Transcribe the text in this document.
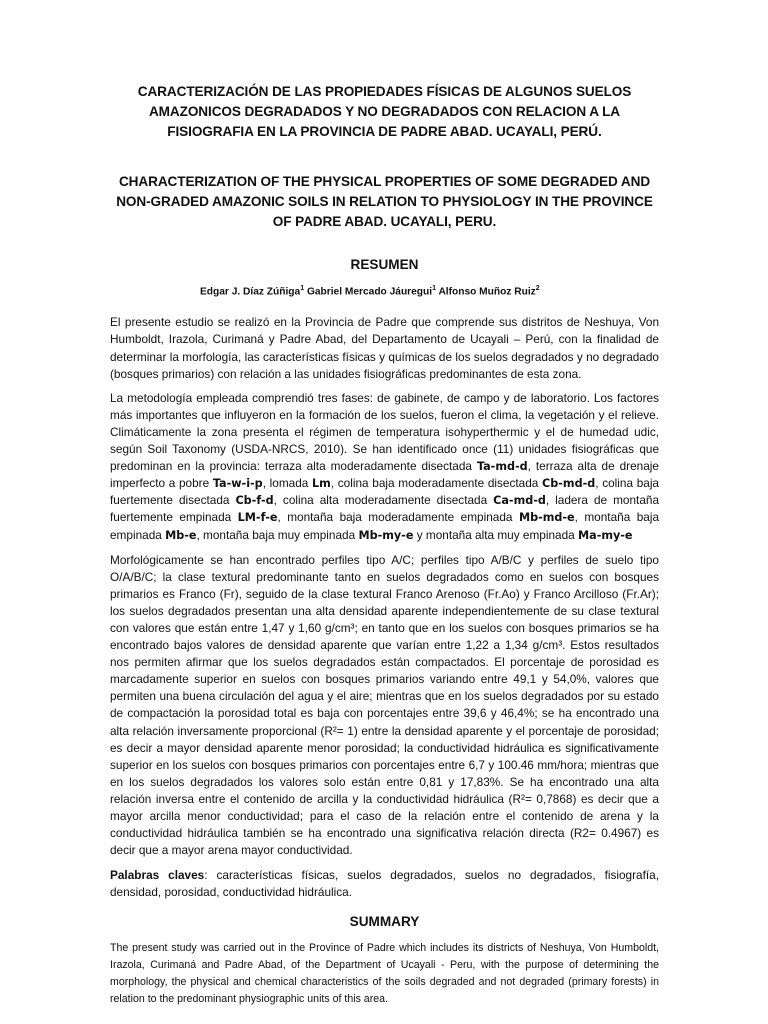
CARACTERIZACIÓN DE LAS PROPIEDADES FÍSICAS DE ALGUNOS SUELOS AMAZONICOS DEGRADADOS Y NO DEGRADADOS CON RELACION A LA FISIOGRAFIA EN LA PROVINCIA DE PADRE ABAD. UCAYALI, PERÚ.
CHARACTERIZATION OF THE PHYSICAL PROPERTIES OF SOME DEGRADED AND NON-GRADED AMAZONIC SOILS IN RELATION TO PHYSIOLOGY IN THE PROVINCE OF PADRE ABAD. UCAYALI, PERU.
RESUMEN

Edgar J. Díaz Zúñiga$^1$ Gabriel Mercado Jáuregui$^1$ Alfonso Muñoz Ruiz$^2$

El presente estudio se realizó en la Provincia de Padre que comprende sus distritos de Neshuya, Von Humboldt, Irazola, Curimaná y Padre Abad, del Departamento de Ucayali – Perú, con la finalidad de determinar la morfología, las características físicas y químicas de los suelos degradados y no degradado (bosques primarios) con relación a las unidades fisiográficas predominantes de esta zona.

La metodología empleada comprendió tres fases: de gabinete, de campo y de laboratorio. Los factores más importantes que influyeron en la formación de los suelos, fueron el clima, la vegetación y el relieve. Climáticamente la zona presenta el régimen de temperatura isohyperthermic y el de humedad udic, según Soil Taxonomy (USDA-NRCS, 2010). Se han identificado once (11) unidades fisiográficas que predominan en la provincia: terraza alta moderadamente disectada Ta-md-d, terraza alta de drenaje imperfecto a pobre Ta-w-i-p, lomada Lm, colina baja moderadamente disectada Cb-md-d, colina baja fuertemente disectada Cb-f-d, colina alta moderadamente disectada Ca-md-d, ladera de montaña fuertemente empinada LM-f-e, montaña baja moderadamente empinada Mb-md-e, montaña baja empinada Mb-e, montaña baja muy empinada Mb-my-e y montaña alta muy empinada Ma-my-e

Morfológicamente se han encontrado perfiles tipo A/C; perfiles tipo A/B/C y perfiles de suelo tipo O/A/B/C; la clase textural predominante tanto en suelos degradados como en suelos con bosques primarios es Franco (Fr), seguido de la clase textural Franco Arenoso (Fr.Ao) y Franco Arcilloso (Fr.Ar); los suelos degradados presentan una alta densidad aparente independientemente de su clase textural con valores que están entre 1,47 y 1,60 g/cm³; en tanto que en los suelos con bosques primarios se ha encontrado bajos valores de densidad aparente que varían entre 1,22 a 1,34 g/cm³. Estos resultados nos permiten afirmar que los suelos degradados están compactados. El porcentaje de porosidad es marcadamente superior en suelos con bosques primarios variando entre 49,1 y 54,0%, valores que permiten una buena circulación del agua y el aire; mientras que en los suelos degradados por su estado de compactación la porosidad total es baja con porcentajes entre 39,6 y 46,4%; se ha encontrado una alta relación inversamente proporcional (R²= 1) entre la densidad aparente y el porcentaje de porosidad; es decir a mayor densidad aparente menor porosidad; la conductividad hidráulica es significativamente superior en los suelos con bosques primarios con porcentajes entre 6,7 y 100.46 mm/hora; mientras que en los suelos degradados los valores solo están entre 0,81 y 17,83%. Se ha encontrado una alta relación inversa entre el contenido de arcilla y la conductividad hidráulica (R²= 0,7868) es decir que a mayor arcilla menor conductividad; para el caso de la relación entre el contenido de arena y la conductividad hidráulica también se ha encontrado una significativa relación directa (R2= 0.4967) es decir que a mayor arena mayor conductividad.

Palabras claves: características físicas, suelos degradados, suelos no degradados, fisiografía, densidad, porosidad, conductividad hidráulica.

SUMMARY

The present study was carried out in the Province of Padre which includes its districts of Neshuya, Von Humboldt, Irazola, Curimaná and Padre Abad, of the Department of Ucayali - Peru, with the purpose of determining the morphology, the physical and chemical characteristics of the soils degraded and not degraded (primary forests) in relation to the predominant physiographic units of this area.
